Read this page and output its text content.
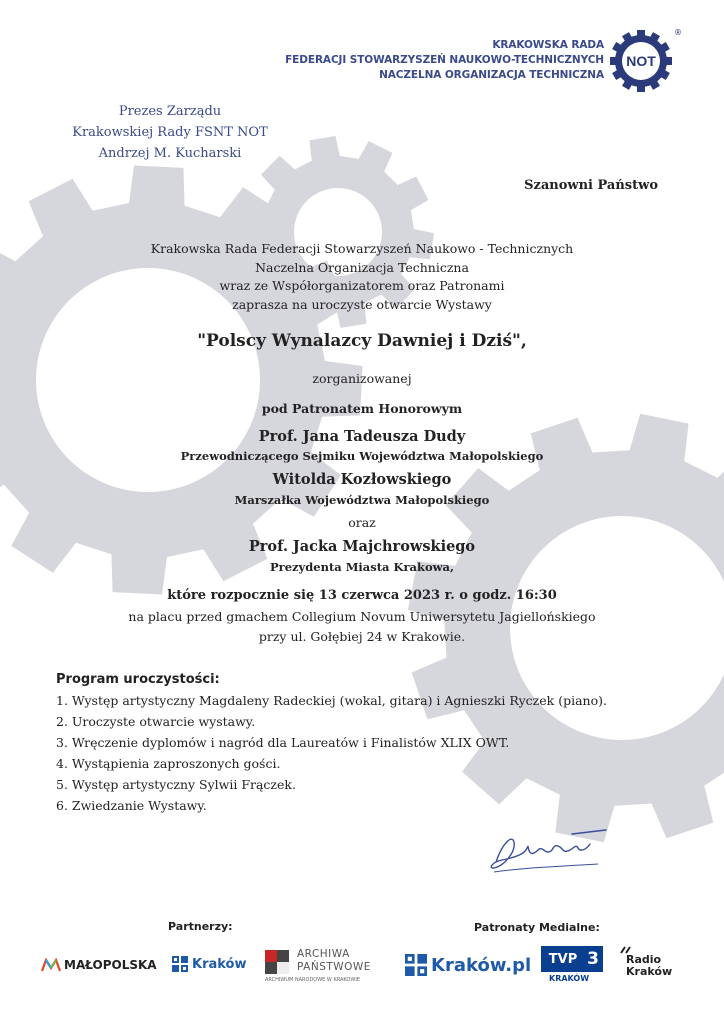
KRAKOWSKA RADA
FEDERACJI STOWARZYSZEŃ NAUKOWO-TECHNICZNYCH
NACZELNA ORGANIZACJA TECHNICZNA
NOT
®
Prezes Zarządu
Krakowskiej Rady FSNT NOT
Andrzej M. Kucharski
Szanowni Państwo
Krakowska Rada Federacji Stowarzyszeń Naukowo - Technicznych
Naczelna Organizacja Techniczna
wraz ze Współorganizatorem oraz Patronami
zaprasza na uroczyste otwarcie Wystawy
"Polscy Wynalazcy Dawniej i Dziś",
zorganizowanej
pod Patronatem Honorowym
Prof. Jana Tadeusza Dudy
Przewodniczącego Sejmiku Województwa Małopolskiego
Witolda Kozłowskiego
Marszałka Województwa Małopolskiego
oraz
Prof. Jacka Majchrowskiego
Prezydenta Miasta Krakowa,
które rozpocznie się 13 czerwca 2023 r. o godz. 16:30
na placu przed gmachem Collegium Novum Uniwersytetu Jagiellońskiego
przy ul. Gołębiej 24 w Krakowie.
Program uroczystości:
1. Występ artystyczny Magdaleny Radeckiej (wokal, gitara) i Agnieszki Ryczek (piano).
2. Uroczyste otwarcie wystawy.
3. Wręczenie dyplomów i nagród dla Laureatów i Finalistów XLIX OWT.
4. Wystąpienia zaproszonych gości.
5. Występ artystyczny Sylwii Frączek.
6. Zwiedzanie Wystawy.
Partnerzy:	Patronaty Medialne:
MAŁOPOLSKA	Kraków
ARCHIWA
PAŃSTWOWE
ARCHIWUM NARODOWE W KRAKOWIE
Kraków.pl TVP 3
KRAKÓW
Radio
Kraków
